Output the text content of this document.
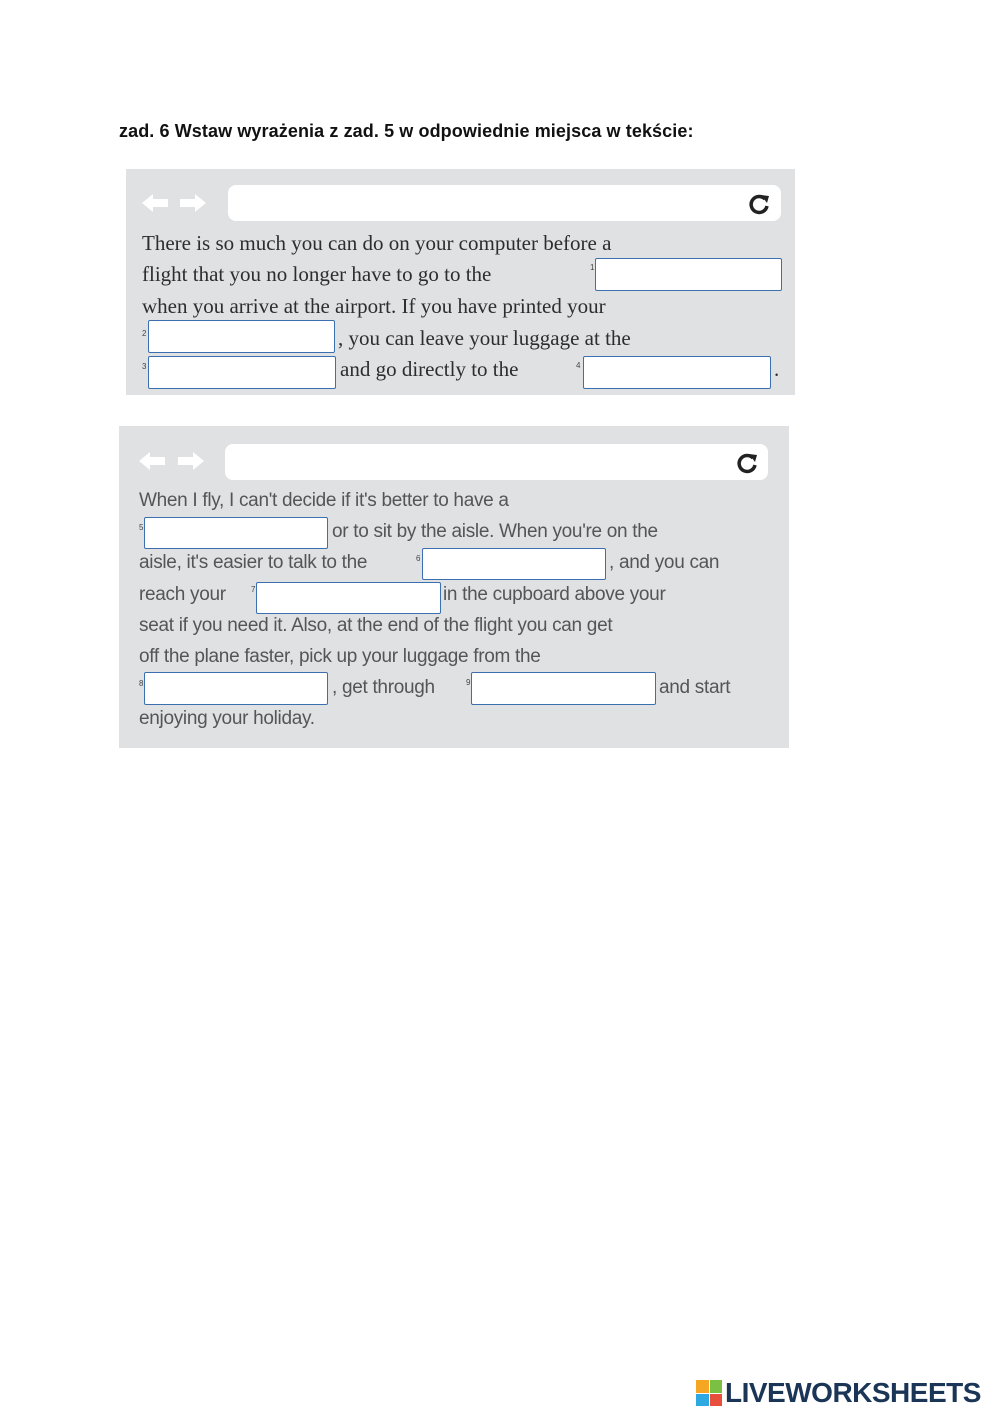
zad. 6 Wstaw wyrażenia z zad. 5 w odpowiednie miejsca w tekście:
There is so much you can do on your computer before a
flight that you no longer have to go to the	1
when you arrive at the airport. If you have printed your
2	, you can leave your luggage at the
3	and go directly to the	4	.
When I fly, I can't decide if it's better to have a
5	or to sit by the aisle. When you're on the
aisle, it's easier to talk to the	6	, and you can
reach your	7	in the cupboard above your
seat if you need it. Also, at the end of the flight you can get
off the plane faster, pick up your luggage from the
8	, get through	9	and start
enjoying your holiday.
LIVEWORKSHEETS
